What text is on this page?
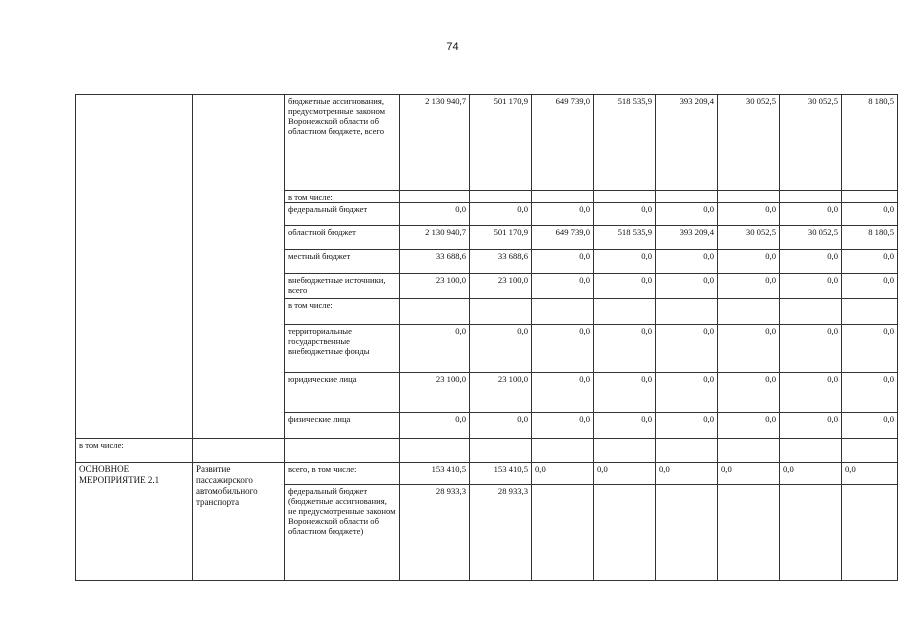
74
		бюджетные ассигнования, предусмотренные законом Воронежской области об областном бюджете, всего	2 130 940,7	501 170,9	649 739,0	518 535,9	393 209,4	30 052,5	30 052,5	8 180,5
		в том числе:								
		федеральный бюджет	0,0	0,0	0,0	0,0	0,0	0,0	0,0	0,0
		областной бюджет	2 130 940,7	501 170,9	649 739,0	518 535,9	393 209,4	30 052,5	30 052,5	8 180,5
		местный бюджет	33 688,6	33 688,6	0,0	0,0	0,0	0,0	0,0	0,0
		внебюджетные источники, всего	23 100,0	23 100,0	0,0	0,0	0,0	0,0	0,0	0,0
		в том числе:								
		территориальные государственные внебюджетные фонды	0,0	0,0	0,0	0,0	0,0	0,0	0,0	0,0
		юридические лица	23 100,0	23 100,0	0,0	0,0	0,0	0,0	0,0	0,0
		физические лица	0,0	0,0	0,0	0,0	0,0	0,0	0,0	0,0
в том числе:										
ОСНОВНОЕ МЕРОПРИЯТИЕ 2.1	Развитие пассажирского автомобильного транспорта	всего, в том числе:	153 410,5	153 410,5	0,0	0,0	0,0	0,0	0,0	0,0
		федеральный бюджет (бюджетные ассигнования, не предусмотренные законом Воронежской области об областном бюджете)	28 933,3	28 933,3						
